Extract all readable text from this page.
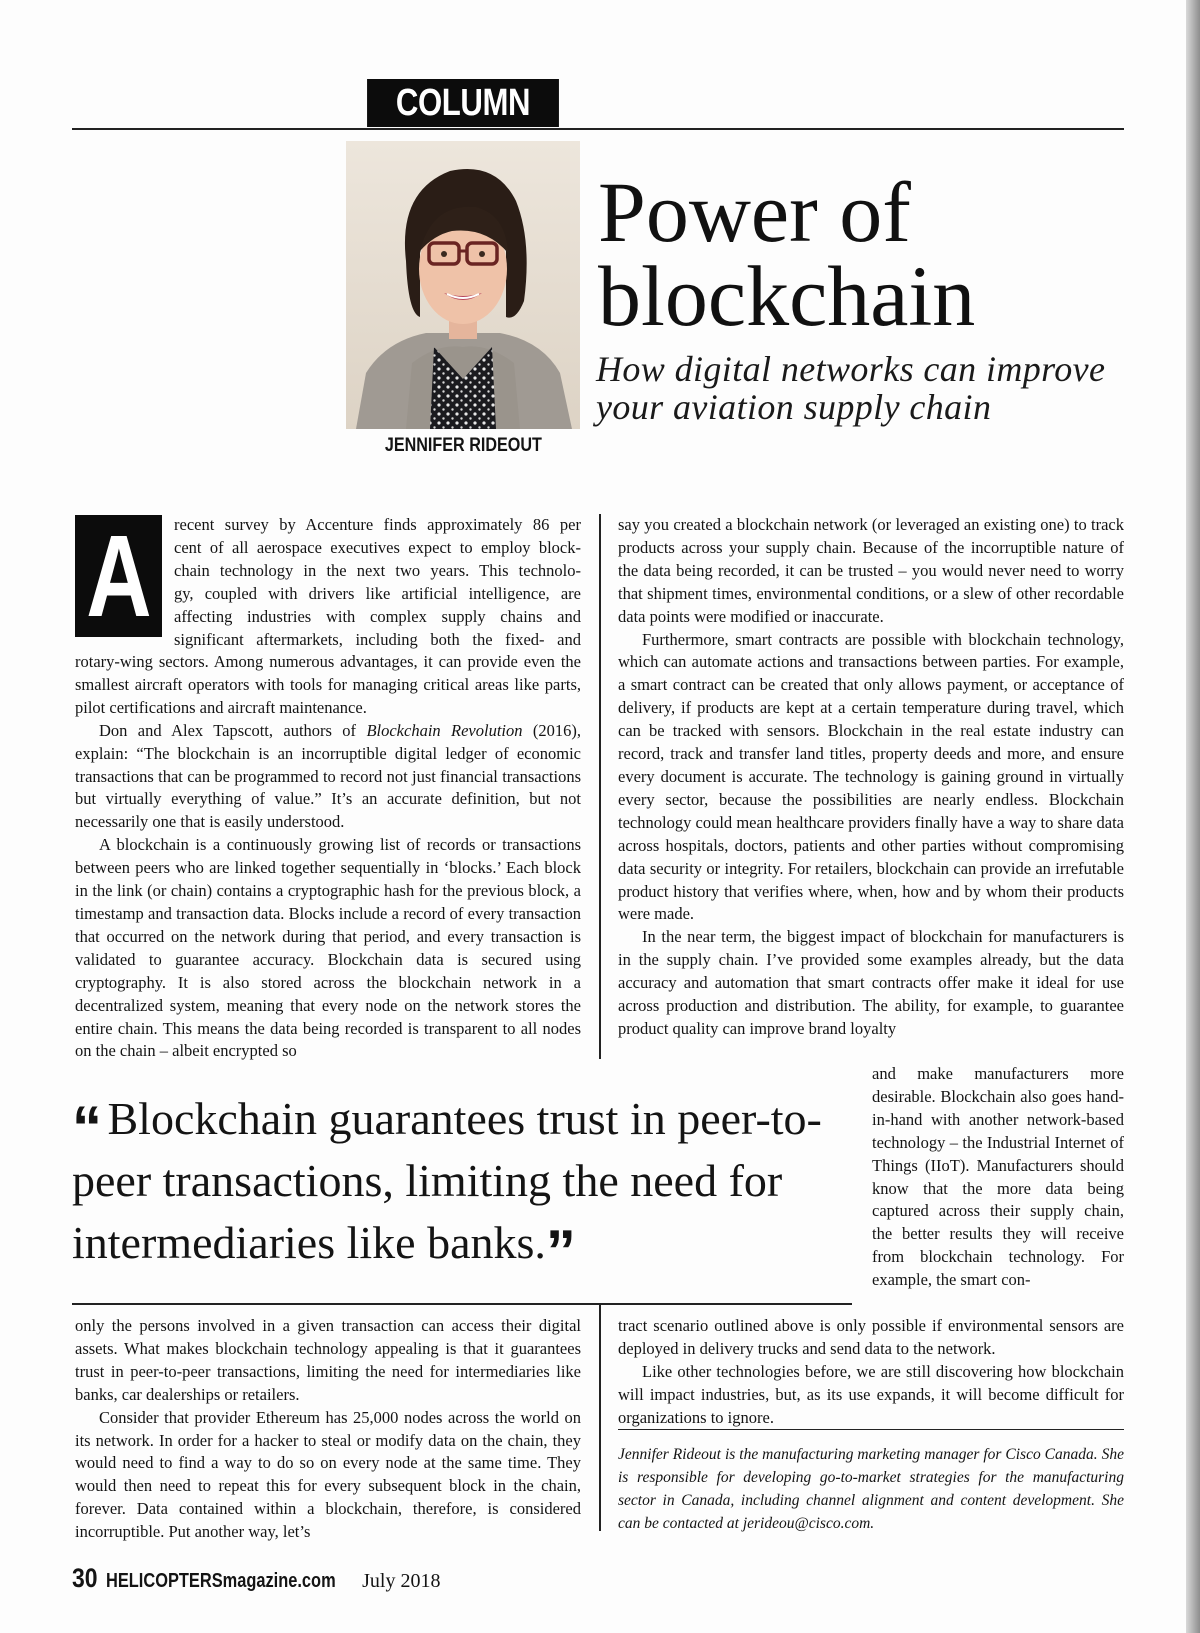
COLUMN
JENNIFER RIDEOUT
Power of
blockchain
How digital networks can improve
your aviation supply chain
A	recent survey by Accenture finds approximately 86 per
cent of all aerospace executives expect to employ block-
chain technology in the next two years. This technolo-
gy, coupled with drivers like artificial intelligence, are
affecting industries with complex supply chains and
significant aftermarkets, including both the fixed- and

rotary-wing sectors. Among numerous advantages, it can provide even the smallest aircraft operators with tools for managing critical areas like parts, pilot certifications and aircraft maintenance.

Don and Alex Tapscott, authors of Blockchain Revolution (2016), explain: “The blockchain is an incorruptible digital ledger of economic transactions that can be programmed to record not just financial transactions but virtually everything of value.” It’s an accurate definition, but not necessarily one that is easily understood.

A blockchain is a continuously growing list of records or transactions between peers who are linked together sequentially in ‘blocks.’ Each block in the link (or chain) contains a cryptographic hash for the previous block, a timestamp and transaction data. Blocks include a record of every transaction that occurred on the network during that period, and every transaction is validated to guarantee accuracy. Blockchain data is secured using cryptography. It is also stored across the blockchain network in a decentralized system, meaning that every node on the network stores the entire chain. This means the data being recorded is transparent to all nodes on the chain – albeit encrypted so

say you created a blockchain network (or leveraged an existing one) to track products across your supply chain. Because of the incorruptible nature of the data being recorded, it can be trusted – you would never need to worry that shipment times, environmental conditions, or a slew of other recordable data points were modified or inaccurate.

Furthermore, smart contracts are possible with blockchain technology, which can automate actions and transactions between parties. For example, a smart contract can be created that only allows payment, or acceptance of delivery, if products are kept at a certain temperature during travel, which can be tracked with sensors. Blockchain in the real estate industry can record, track and transfer land titles, property deeds and more, and ensure every document is accurate. The technology is gaining ground in virtually every sector, because the possibilities are nearly endless. Blockchain technology could mean healthcare providers finally have a way to share data across hospitals, doctors, patients and other parties without compromising data security or integrity. For retailers, blockchain can provide an irrefutable product history that verifies where, when, how and by whom their products were made.

In the near term, the biggest impact of blockchain for manufacturers is in the supply chain. I’ve provided some examples already, but the data accuracy and automation that smart contracts offer make it ideal for use across production and distribution. The ability, for example, to guarantee product quality can improve brand loyalty

and make manufacturers more desirable. Blockchain also goes hand-in-hand with another network-based technology – the Industrial Internet of Things (IIoT). Manufacturers should know that the more data being captured across their supply chain, the better results they will receive from blockchain technology. For example, the smart con-

“ Blockchain guarantees trust in peer-to-peer transactions, limiting the need for intermediaries like banks.”

only the persons involved in a given transaction can access their digital assets. What makes blockchain technology appealing is that it guarantees trust in peer-to-peer transactions, limiting the need for intermediaries like banks, car dealerships or retailers.

Consider that provider Ethereum has 25,000 nodes across the world on its network. In order for a hacker to steal or modify data on the chain, they would need to find a way to do so on every node at the same time. They would then need to repeat this for every subsequent block in the chain, forever. Data contained within a blockchain, therefore, is considered incorruptible. Put another way, let’s

tract scenario outlined above is only possible if environmental sensors are deployed in delivery trucks and send data to the network.

Like other technologies before, we are still discovering how blockchain will impact industries, but, as its use expands, it will become difficult for organizations to ignore.

Jennifer Rideout is the manufacturing marketing manager for Cisco Canada. She is responsible for developing go-to-market strategies for the manufacturing sector in Canada, including channel alignment and content development. She can be contacted at jerideou@cisco.com.
30 HELICOPTERSmagazine.com July 2018
